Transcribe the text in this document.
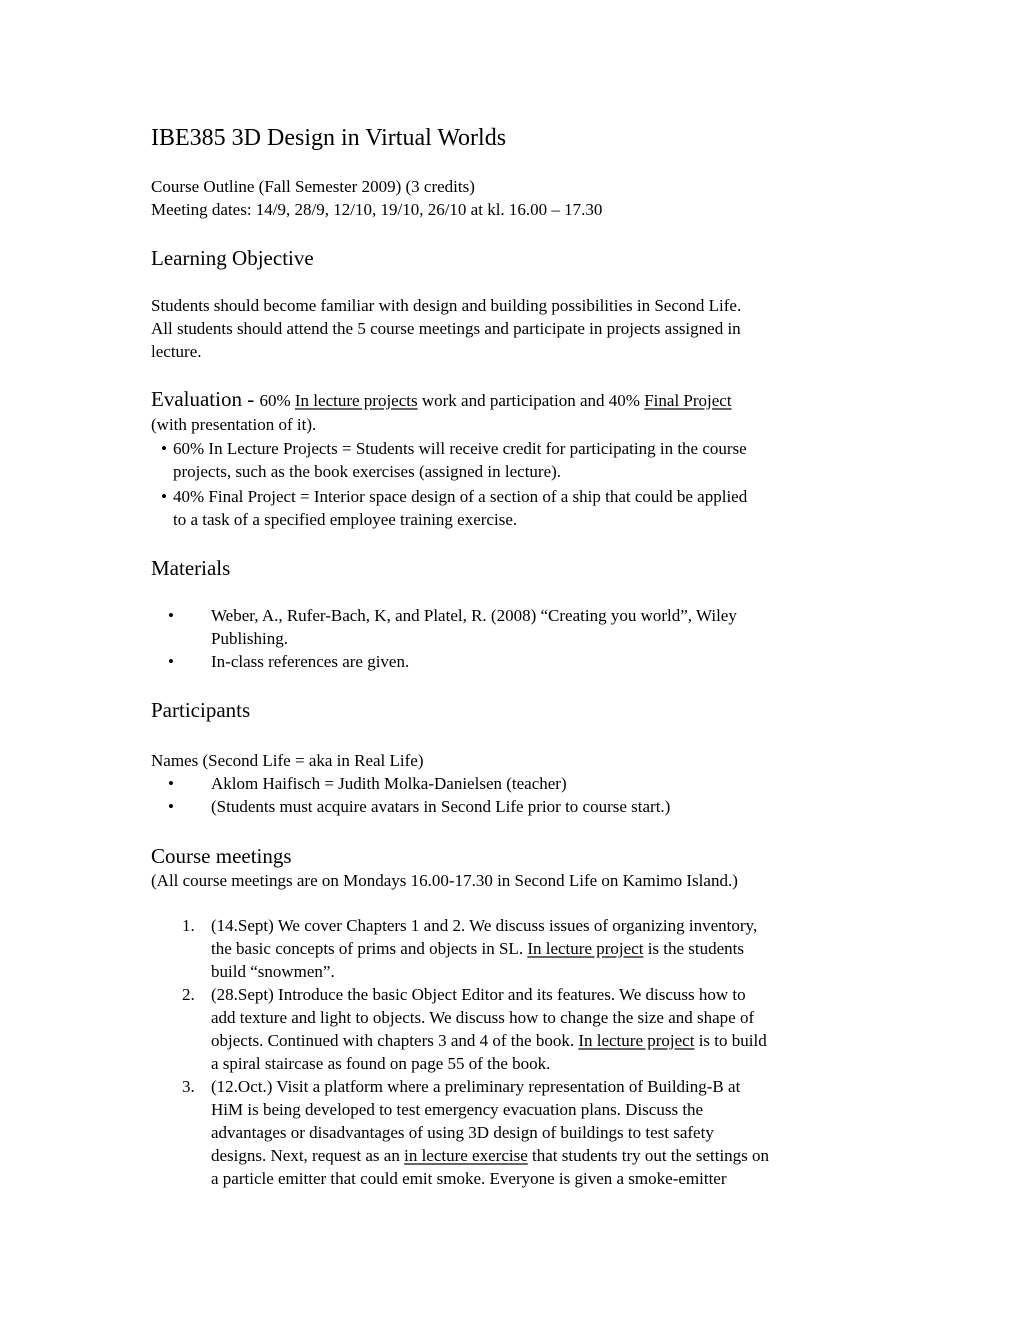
IBE385 3D Design in Virtual Worlds
Course Outline (Fall Semester 2009) (3 credits)
Meeting dates: 14/9, 28/9, 12/10, 19/10, 26/10 at kl. 16.00 – 17.30
Learning Objective
Students should become familiar with design and building possibilities in Second Life.
All students should attend the 5 course meetings and participate in projects assigned in
lecture.
Evaluation - 60% In lecture projects work and participation and 40% Final Project
(with presentation of it).
• 60% In Lecture Projects = Students will receive credit for participating in the course
projects, such as the book exercises (assigned in lecture).
• 40% Final Project = Interior space design of a section of a ship that could be applied
to a task of a specified employee training exercise.
Materials
• Weber, A., Rufer-Bach, K, and Platel, R. (2008) “Creating you world”, Wiley
Publishing.
• In-class references are given.
Participants
Names (Second Life = aka in Real Life)
• Aklom Haifisch = Judith Molka-Danielsen (teacher)
• (Students must acquire avatars in Second Life prior to course start.)
Course meetings
(All course meetings are on Mondays 16.00-17.30 in Second Life on Kamimo Island.)
1. (14.Sept) We cover Chapters 1 and 2. We discuss issues of organizing inventory,
the basic concepts of prims and objects in SL. In lecture project is the students
build “snowmen”.
2. (28.Sept) Introduce the basic Object Editor and its features. We discuss how to
add texture and light to objects. We discuss how to change the size and shape of
objects. Continued with chapters 3 and 4 of the book. In lecture project is to build
a spiral staircase as found on page 55 of the book.
3. (12.Oct.) Visit a platform where a preliminary representation of Building-B at
HiM is being developed to test emergency evacuation plans. Discuss the
advantages or disadvantages of using 3D design of buildings to test safety
designs. Next, request as an in lecture exercise that students try out the settings on
a particle emitter that could emit smoke. Everyone is given a smoke-emitter
